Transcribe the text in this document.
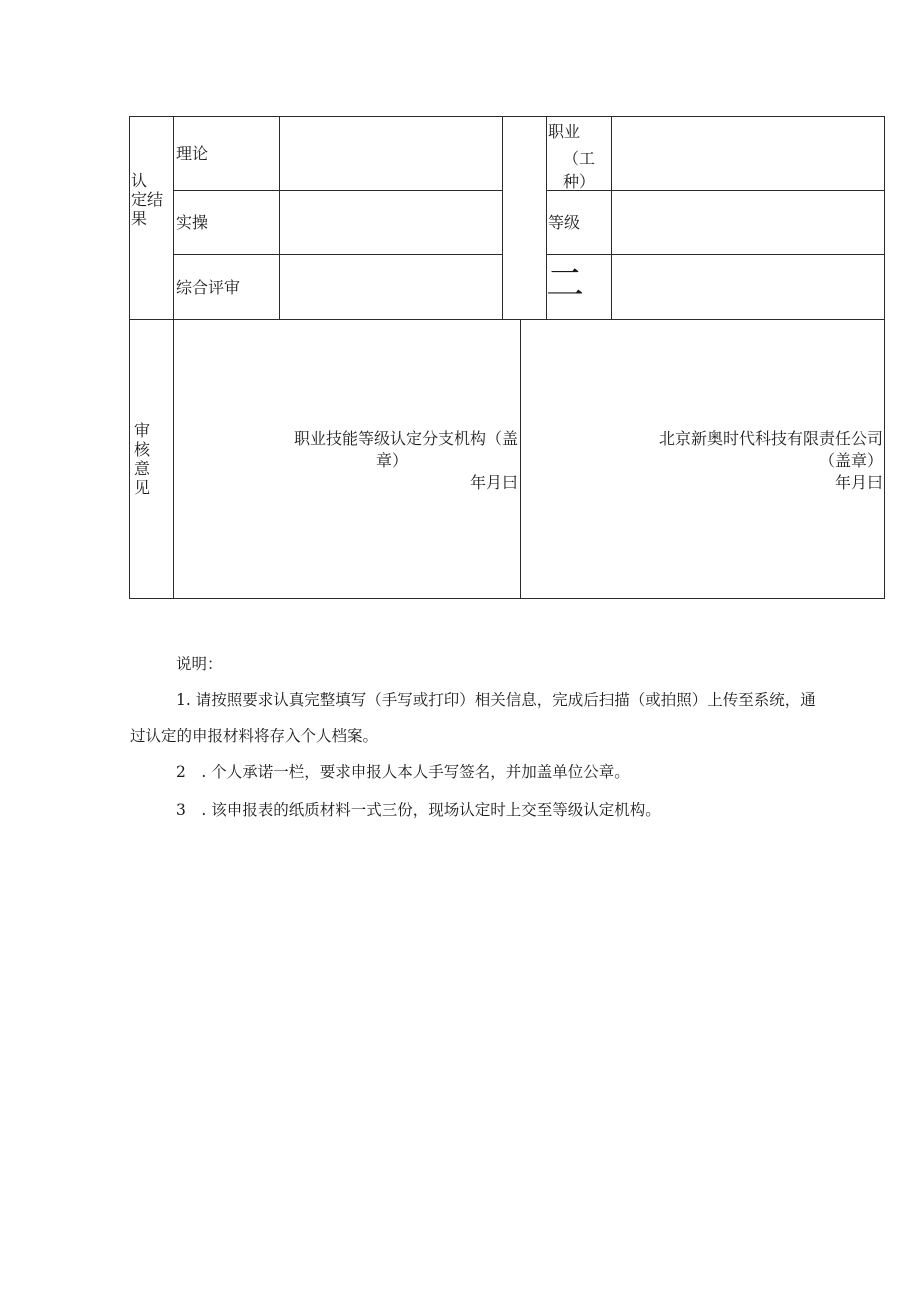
认
定结
果
理论
实操
综合评审
职业
（工
种）
等级
二
审
核
意
见
职业技能等级认定分支机构（盖
章）
年月曰
北京新奥时代科技有限责任公司
（盖章）
年月曰
说明：
1. 请按照要求认真完整填写（手写或打印）相关信息，完成后扫描（或拍照）上传至系统，通
过认定的申报材料将存入个人档案。
2　. 个人承诺一栏，要求申报人本人手写签名，并加盖单位公章。
3　. 该申报表的纸质材料一式三份，现场认定时上交至等级认定机构。
